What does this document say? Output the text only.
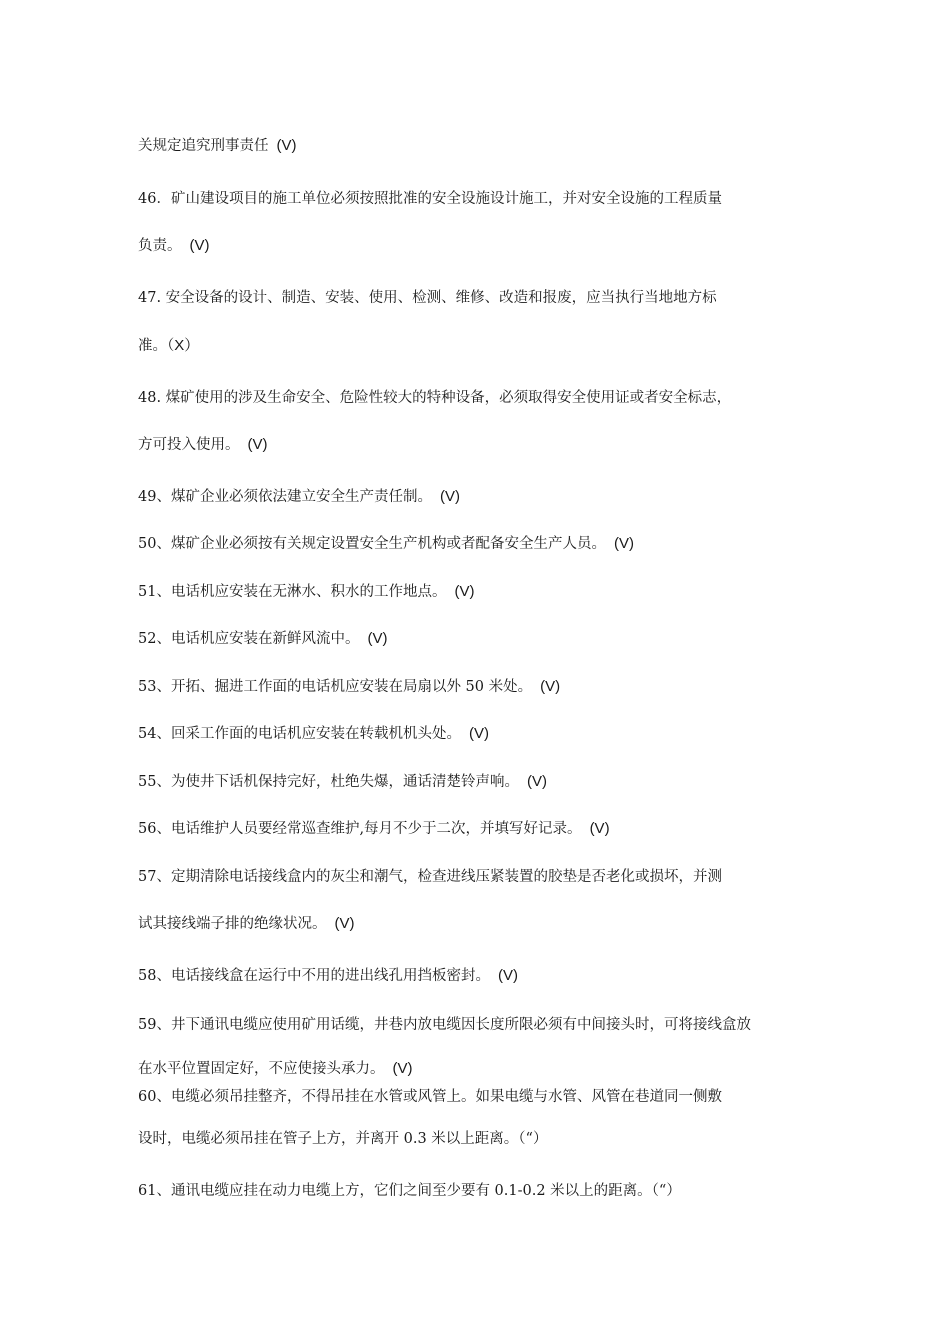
关规定追究刑事责任 (V)
46．矿山建设项目的施工单位必须按照批准的安全设施设计施工，并对安全设施的工程质量
负责。 (V)
47. 安全设备的设计、制造、安装、使用、检测、维修、改造和报废，应当执行当地地方标
准。（X）
48. 煤矿使用的涉及生命安全、危险性较大的特种设备，必须取得安全使用证或者安全标志，
方可投入使用。 (V)
49、煤矿企业必须依法建立安全生产责任制。 (V)
50、煤矿企业必须按有关规定设置安全生产机构或者配备安全生产人员。 (V)
51、电话机应安装在无淋水、积水的工作地点。 (V)
52、电话机应安装在新鲜风流中。 (V)
53、开拓、掘进工作面的电话机应安装在局扇以外 50 米处。 (V)
54、回采工作面的电话机应安装在转载机机头处。 (V)
55、为使井下话机保持完好，杜绝失爆，通话清楚铃声响。 (V)
56、电话维护人员要经常巡查维护,每月不少于二次，并填写好记录。 (V)
57、定期清除电话接线盒内的灰尘和潮气，检查进线压紧装置的胶垫是否老化或损坏，并测
试其接线端子排的绝缘状况。 (V)
58、电话接线盒在运行中不用的进出线孔用挡板密封。 (V)
59、井下通讯电缆应使用矿用话缆，井巷内放电缆因长度所限必须有中间接头时，可将接线盒放
在水平位置固定好，不应使接头承力。 (V)
60、电缆必须吊挂整齐，不得吊挂在水管或风管上。如果电缆与水管、风管在巷道同一侧敷
设时，电缆必须吊挂在管子上方，并离开 0.3 米以上距离。（“）
61、通讯电缆应挂在动力电缆上方，它们之间至少要有 0.1-0.2 米以上的距离。（“）
